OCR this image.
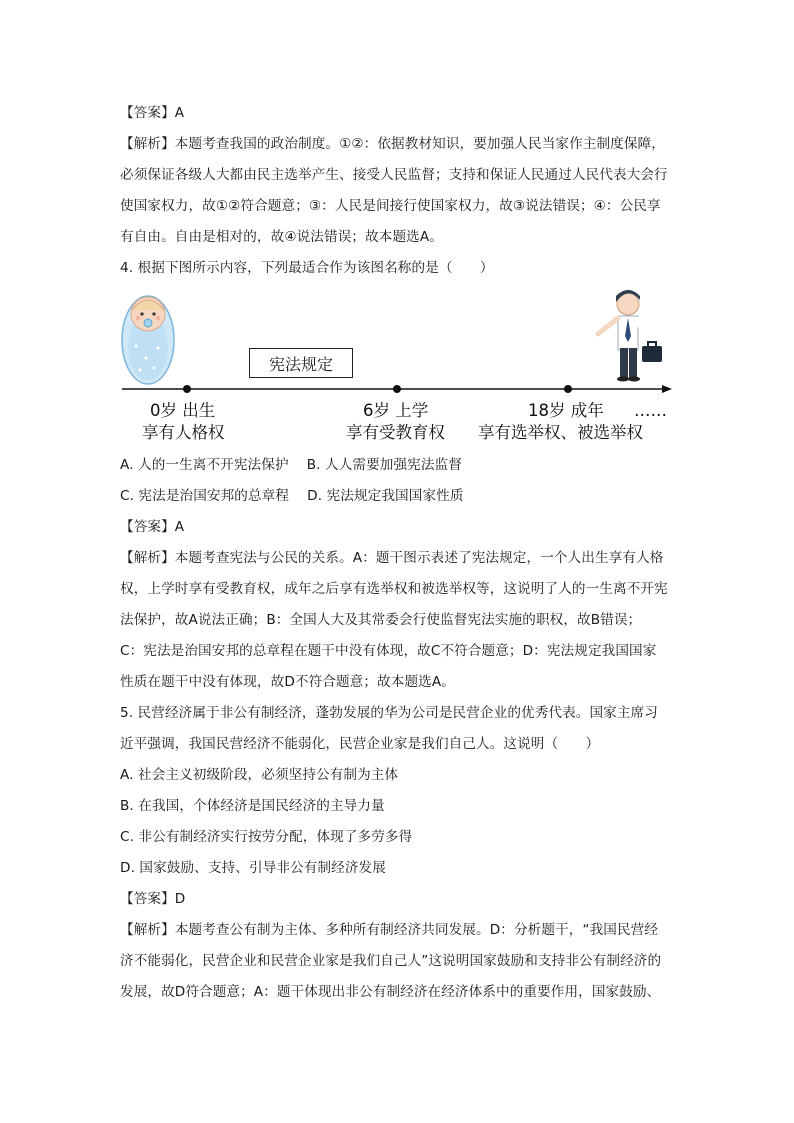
【答案】A
【解析】本题考查我国的政治制度。①②：依据教材知识，要加强人民当家作主制度保障，
必须保证各级人大都由民主选举产生、接受人民监督；支持和保证人民通过人民代表大会行
使国家权力，故①②符合题意；③：人民是间接行使国家权力，故③说法错误；④：公民享
有自由。自由是相对的，故④说法错误；故本题选A。
4. 根据下图所示内容，下列最适合作为该图名称的是（　　）
宪法规定
0岁 出生
享有人格权
6岁 上学
享有受教育权
18岁 成年
享有选举权、被选举权
……
A. 人的一生离不开宪法保护　 B. 人人需要加强宪法监督
C. 宪法是治国安邦的总章程　 D. 宪法规定我国国家性质
【答案】A
【解析】本题考查宪法与公民的关系。A：题干图示表述了宪法规定，一个人出生享有人格
权，上学时享有受教育权，成年之后享有选举权和被选举权等，这说明了人的一生离不开宪
法保护，故A说法正确；B：全国人大及其常委会行使监督宪法实施的职权，故B错误；
C：宪法是治国安邦的总章程在题干中没有体现，故C不符合题意；D：宪法规定我国国家
性质在题干中没有体现，故D不符合题意；故本题选A。
5. 民营经济属于非公有制经济，蓬勃发展的华为公司是民营企业的优秀代表。国家主席习
近平强调，我国民营经济不能弱化，民营企业家是我们自己人。这说明（　　）
A. 社会主义初级阶段，必须坚持公有制为主体
B. 在我国，个体经济是国民经济的主导力量
C. 非公有制经济实行按劳分配，体现了多劳多得
D. 国家鼓励、支持、引导非公有制经济发展
【答案】D
【解析】本题考查公有制为主体、多种所有制经济共同发展。D：分析题干，“我国民营经
济不能弱化，民营企业和民营企业家是我们自己人”这说明国家鼓励和支持非公有制经济的
发展，故D符合题意；A：题干体现出非公有制经济在经济体系中的重要作用，国家鼓励、
